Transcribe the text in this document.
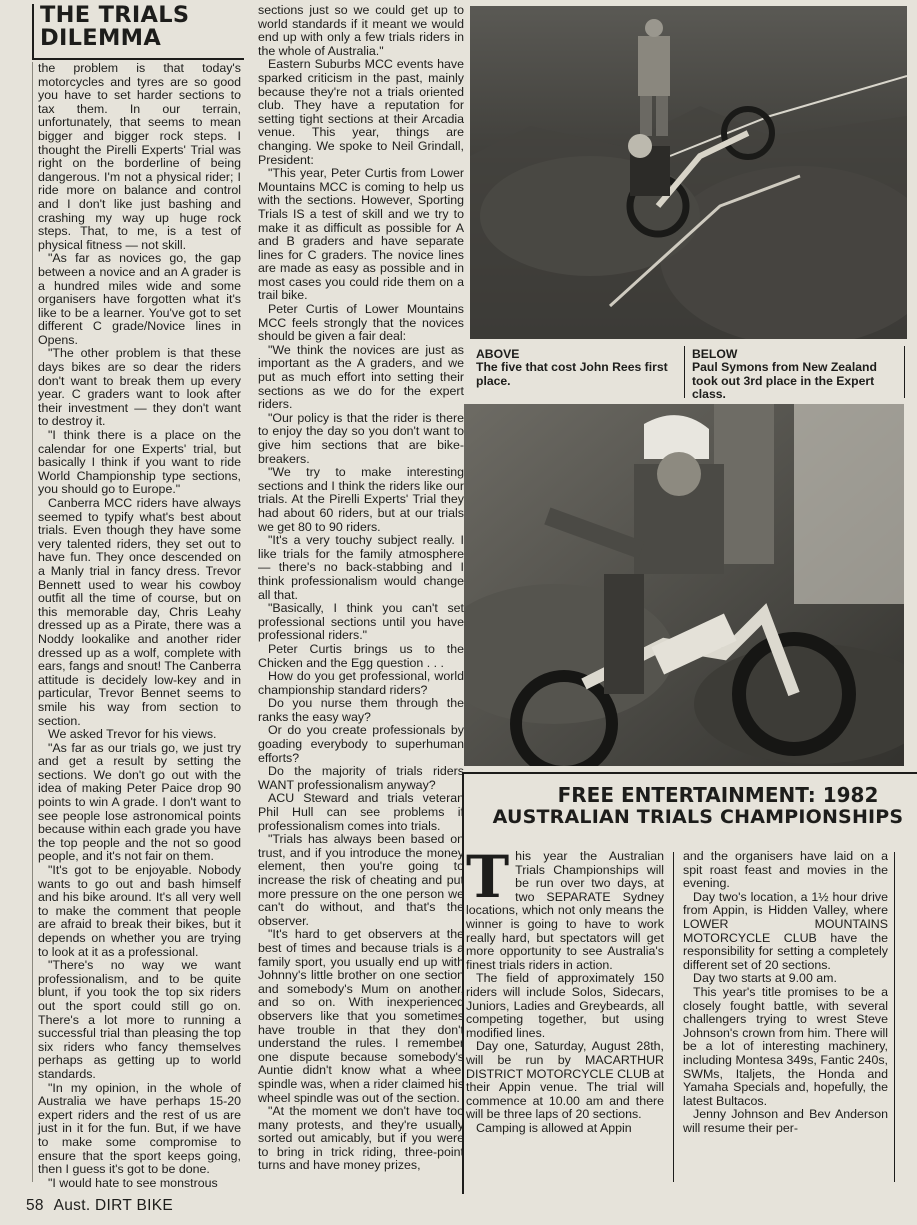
THE TRIALS
DILEMMA

the problem is that today's motorcycles and tyres are so good you have to set harder sections to tax them. In our terrain, unfortunately, that seems to mean bigger and bigger rock steps. I thought the Pirelli Experts' Trial was right on the borderline of being dangerous. I'm not a physical rider; I ride more on balance and control and I don't like just bashing and crashing my way up huge rock steps. That, to me, is a test of physical fitness — not skill.

"As far as novices go, the gap between a novice and an A grader is a hundred miles wide and some organisers have forgotten what it's like to be a learner. You've got to set different C grade/Novice lines in Opens.

"The other problem is that these days bikes are so dear the riders don't want to break them up every year. C graders want to look after their investment — they don't want to destroy it.

"I think there is a place on the calendar for one Experts' trial, but basically I think if you want to ride World Championship type sections, you should go to Europe."

Canberra MCC riders have always seemed to typify what's best about trials. Even though they have some very talented riders, they set out to have fun. They once descended on a Manly trial in fancy dress. Trevor Bennett used to wear his cowboy outfit all the time of course, but on this memorable day, Chris Leahy dressed up as a Pirate, there was a Noddy lookalike and another rider dressed up as a wolf, complete with ears, fangs and snout! The Canberra attitude is decidely low-key and in particular, Trevor Bennet seems to smile his way from section to section.

We asked Trevor for his views.

"As far as our trials go, we just try and get a result by setting the sections. We don't go out with the idea of making Peter Paice drop 90 points to win A grade. I don't want to see people lose astronomical points because within each grade you have the top people and the not so good people, and it's not fair on them.

"It's got to be enjoyable. Nobody wants to go out and bash himself and his bike around. It's all very well to make the comment that people are afraid to break their bikes, but it depends on whether you are trying to look at it as a professional.

"There's no way we want professionalism, and to be quite blunt, if you took the top six riders out the sport could still go on. There's a lot more to running a successful trial than pleasing the top six riders who fancy themselves perhaps as getting up to world standards.

"In my opinion, in the whole of Australia we have perhaps 15-20 expert riders and the rest of us are just in it for the fun. But, if we have to make some compromise to ensure that the sport keeps going, then I guess it's got to be done.

"I would hate to see monstrous

sections just so we could get up to world standards if it meant we would end up with only a few trials riders in the whole of Australia."

Eastern Suburbs MCC events have sparked criticism in the past, mainly because they're not a trials oriented club. They have a reputation for setting tight sections at their Arcadia venue. This year, things are changing. We spoke to Neil Grindall, President:

"This year, Peter Curtis from Lower Mountains MCC is coming to help us with the sections. However, Sporting Trials IS a test of skill and we try to make it as difficult as possible for A and B graders and have separate lines for C graders. The novice lines are made as easy as possible and in most cases you could ride them on a trail bike.

Peter Curtis of Lower Mountains MCC feels strongly that the novices should be given a fair deal:

"We think the novices are just as important as the A graders, and we put as much effort into setting their sections as we do for the expert riders.

"Our policy is that the rider is there to enjoy the day so you don't want to give him sections that are bike-breakers.

"We try to make interesting sections and I think the riders like our trials. At the Pirelli Experts' Trial they had about 60 riders, but at our trials we get 80 to 90 riders.

"It's a very touchy subject really. I like trials for the family atmosphere — there's no back-stabbing and I think professionalism would change all that.

"Basically, I think you can't set professional sections until you have professional riders."

Peter Curtis brings us to the Chicken and the Egg question . . .

How do you get professional, world championship standard riders?

Do you nurse them through the ranks the easy way?

Or do you create professionals by goading everybody to superhuman efforts?

Do the majority of trials riders WANT professionalism anyway?

ACU Steward and trials veteran Phil Hull can see problems if professionalism comes into trials.

"Trials has always been based on trust, and if you introduce the money element, then you're going to increase the risk of cheating and put more pressure on the one person we can't do without, and that's the observer.

"It's hard to get observers at the best of times and because trials is a family sport, you usually end up with Johnny's little brother on one section and somebody's Mum on another, and so on. With inexperienced observers like that you sometimes have trouble in that they don't understand the rules. I remember one dispute because somebody's Auntie didn't know what a wheel spindle was, when a rider claimed his wheel spindle was out of the section.

"At the moment we don't have too many protests, and they're usually sorted out amicably, but if you were to bring in trick riding, three-point turns and have money prizes,

ABOVE
The five that cost John Rees first place.
BELOW
Paul Symons from New Zealand took out 3rd place in the Expert class.
FREE ENTERTAINMENT: 1982
AUSTRALIAN TRIALS CHAMPIONSHIPS
T his year the Australian Trials Championships will be run over two days, at two SEPARATE Sydney locations, which not only means the winner is going to have to work really hard, but spectators will get more opportunity to see Australia's finest trials riders in action.

The field of approximately 150 riders will include Solos, Sidecars, Juniors, Ladies and Greybeards, all competing together, but using modified lines.

Day one, Saturday, August 28th, will be run by MACARTHUR DISTRICT MOTORCYCLE CLUB at their Appin venue. The trial will commence at 10.00 am and there will be three laps of 20 sections.

Camping is allowed at Appin

and the organisers have laid on a spit roast feast and movies in the evening.

Day two's location, a 1½ hour drive from Appin, is Hidden Valley, where LOWER MOUNTAINS MOTORCYCLE CLUB have the responsibility for setting a completely different set of 20 sections.

Day two starts at 9.00 am.

This year's title promises to be a closely fought battle, with several challengers trying to wrest Steve Johnson's crown from him. There will be a lot of interesting machinery, including Montesa 349s, Fantic 240s, SWMs, Italjets, the Honda and Yamaha Specials and, hopefully, the latest Bultacos.

Jenny Johnson and Bev Anderson will resume their per-

58 Aust. DIRT BIKE
